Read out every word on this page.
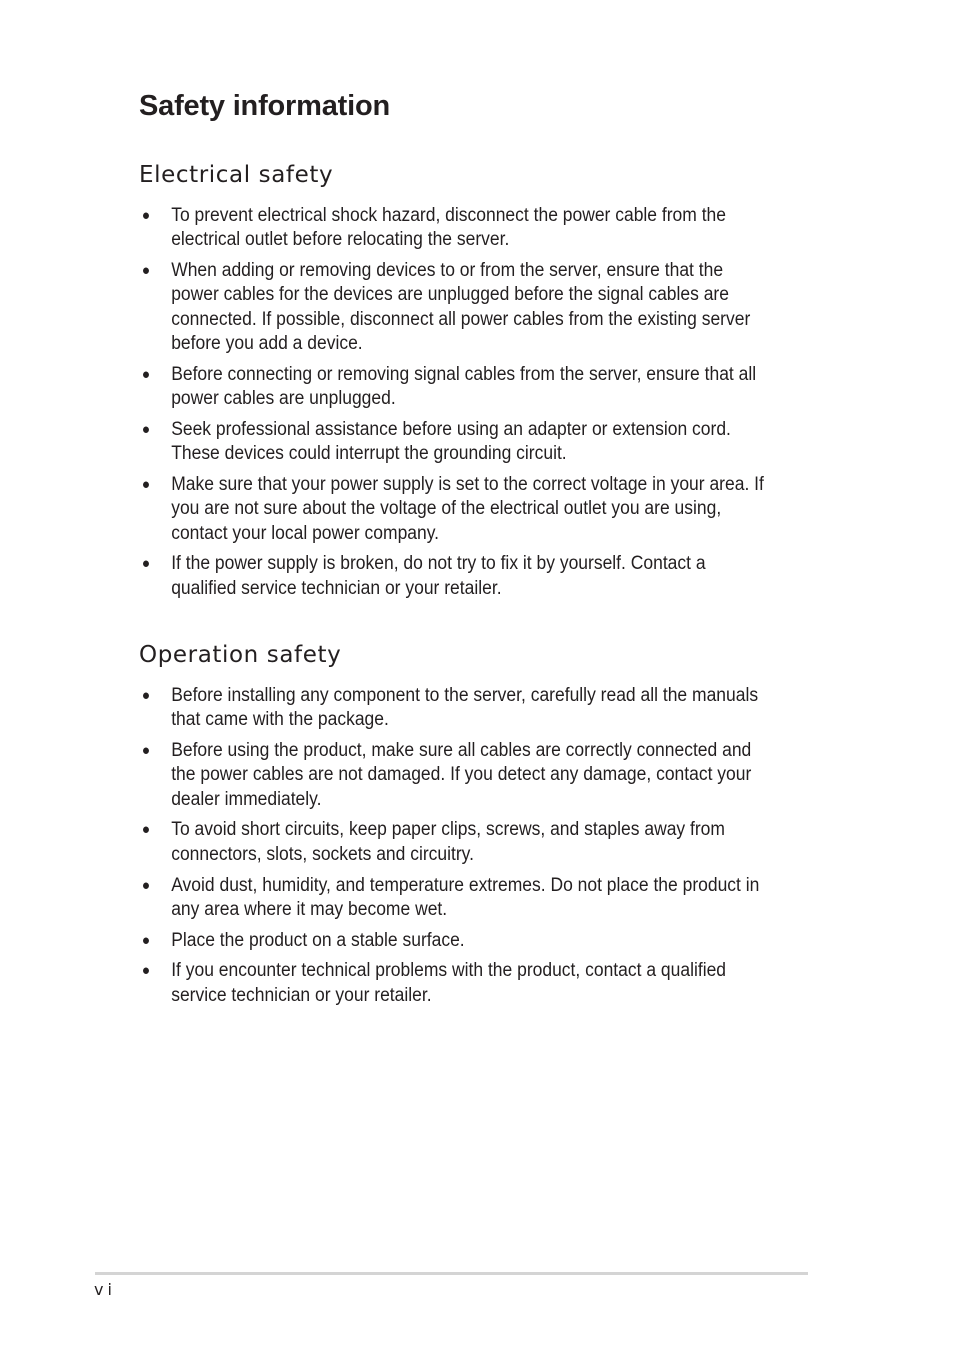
Safety information
Electrical safety
● To prevent electrical shock hazard, disconnect the power cable from the electrical outlet before relocating the server.
● When adding or removing devices to or from the server, ensure that the power cables for the devices are unplugged before the signal cables are connected. If possible, disconnect all power cables from the existing server before you add a device.
● Before connecting or removing signal cables from the server, ensure that all power cables are unplugged.
● Seek professional assistance before using an adapter or extension cord. These devices could interrupt the grounding circuit.
● Make sure that your power supply is set to the correct voltage in your area. If you are not sure about the voltage of the electrical outlet you are using, contact your local power company.
● If the power supply is broken, do not try to fix it by yourself. Contact a qualified service technician or your retailer.
Operation safety
● Before installing any component to the server, carefully read all the manuals that came with the package.
● Before using the product, make sure all cables are correctly connected and the power cables are not damaged. If you detect any damage, contact your dealer immediately.
● To avoid short circuits, keep paper clips, screws, and staples away from connectors, slots, sockets and circuitry.
● Avoid dust, humidity, and temperature extremes. Do not place the product in any area where it may become wet.
● Place the product on a stable surface.
● If you encounter technical problems with the product, contact a qualified service technician or your retailer.
vi
